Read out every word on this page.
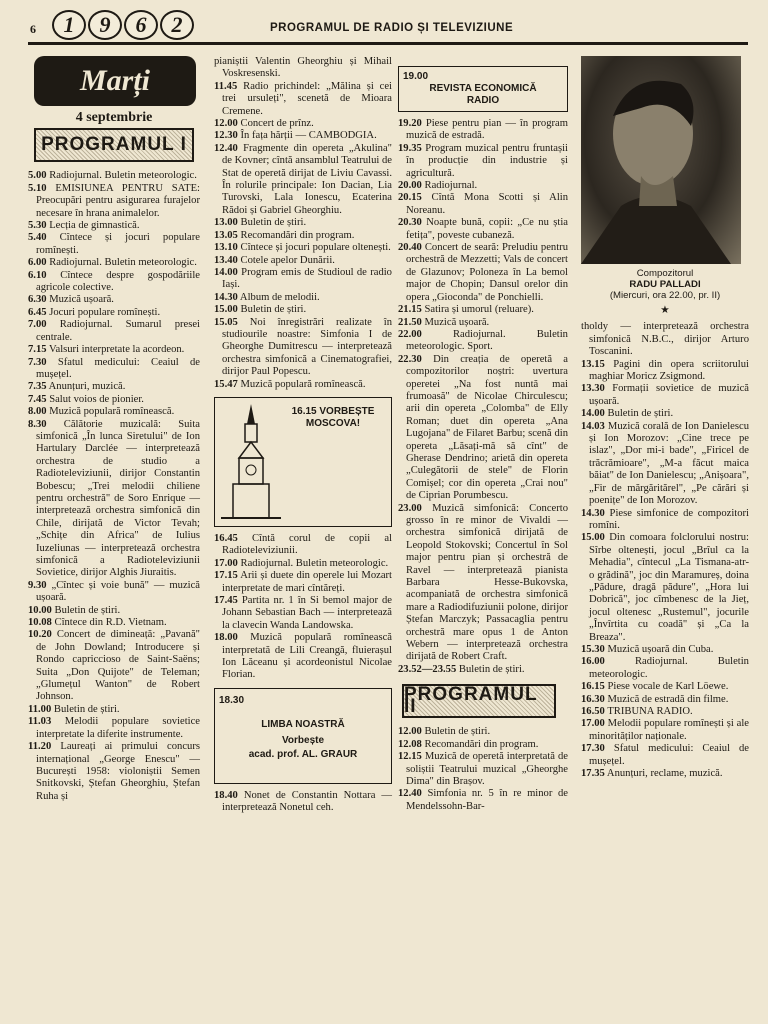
6	1	9	6	2	PROGRAMUL DE RADIO ȘI TELEVIZIUNE
Marți
4 septembrie
PROGRAMUL I

5.00 Radiojurnal. Buletin meteorologic.

5.10 EMISIUNEA PENTRU SATE: Preocupări pentru asigurarea furajelor necesare în hrana animalelor.

5.30 Lecția de gimnastică.

5.40 Cîntece și jocuri populare romînești.

6.00 Radiojurnal. Buletin meteorologic.

6.10 Cîntece despre gospodăriile agricole colective.

6.30 Muzică ușoară.

6.45 Jocuri populare romînești.

7.00 Radiojurnal. Sumarul presei centrale.

7.15 Valsuri interpretate la acordeon.

7.30 Sfatul medicului: Ceaiul de mușețel.

7.35 Anunțuri, muzică.

7.45 Salut voios de pionier.

8.00 Muzică populară romînească.

8.30 Călătorie muzicală: Suita simfonică „În lunca Siretului" de Ion Hartulary Darclée — interpretează orchestra de studio a Radioteleviziunii, dirijor Constantin Bobescu; „Trei melodii chiliene pentru orchestră" de Soro Enrique — interpretează orchestra simfonică din Chile, dirijată de Victor Tevah; „Schițe din Africa" de Iulius Iuzeliunas — interpretează orchestra simfonică a Radioteleviziunii Sovietice, dirijor Alghis Jiuraitis.

9.30 „Cîntec și voie bună" — muzică ușoară.

10.00 Buletin de știri.

10.08 Cîntece din R.D. Vietnam.

10.20 Concert de dimineață: „Pavană" de John Dowland; Introducere și Rondo capriccioso de Saint-Saëns; Suita „Don Quijote" de Teleman; „Glumețul Wanton" de Robert Johnson.

11.00 Buletin de știri.

11.03 Melodii populare sovietice interpretate la diferite instrumente.

11.20 Laureați ai primului concurs internațional „George Enescu" — București 1958: violoniștii Semen Snitkovski, Ștefan Gheorghiu, Ștefan Ruha și

pianiștii Valentin Gheorghiu și Mihail Voskresenski.

11.45 Radio prichindel: „Mălina și cei trei ursuleți", scenetă de Mioara Cremene.

12.00 Concert de prînz.

12.30 În fața hărții — CAMBODGIA.

12.40 Fragmente din opereta „Akulina" de Kovner; cîntă ansamblul Teatrului de Stat de operetă dirijat de Liviu Cavassi. În rolurile principale: Ion Dacian, Lia Turovski, Lala Ionescu, Ecaterina Rădoi și Gabriel Gheorghiu.

13.00 Buletin de știri.

13.05 Recomandări din program.

13.10 Cîntece și jocuri populare oltenești.

13.40 Cotele apelor Dunării.

14.00 Program emis de Studioul de radio Iași.

14.30 Album de melodii.

15.00 Buletin de știri.

15.05 Noi înregistrări realizate în studiourile noastre: Simfonia I de Gheorghe Dumitrescu — interpretează orchestra simfonică a Cinematografiei, dirijor Paul Popescu.

15.47 Muzică populară romînească.

16.15 VORBEȘTE MOSCOVA!

16.45 Cîntă corul de copii al Radioteleviziunii.

17.00 Radiojurnal. Buletin meteorologic.

17.15 Arii și duete din operele lui Mozart interpretate de mari cîntăreți.

17.45 Partita nr. 1 în Si bemol major de Johann Sebastian Bach — interpretează la clavecin Wanda Landowska.

18.00 Muzică populară romînească interpretată de Lili Creangă, fluierașul Ion Lăceanu și acordeonistul Nicolae Florian.

18.30
LIMBA NOASTRĂ
Vorbește
acad. prof. AL. GRAUR

18.40 Nonet de Constantin Nottara — interpretează Nonetul ceh.

19.00
REVISTA ECONOMICĂ
RADIO

19.20 Piese pentru pian — în program muzică de estradă.

19.35 Program muzical pentru fruntașii în producție din industrie și agricultură.

20.00 Radiojurnal.

20.15 Cîntă Mona Scotti și Alin Noreanu.

20.30 Noapte bună, copii: „Ce nu știa fetița", poveste cubaneză.

20.40 Concert de seară: Preludiu pentru orchestră de Mezzetti; Vals de concert de Glazunov; Poloneza în La bemol major de Chopin; Dansul orelor din opera „Gioconda" de Ponchielli.

21.15 Satira și umorul (reluare).

21.50 Muzică ușoară.

22.00	Radiojurnal. Buletin meteorologic. Sport.

22.30 Din creația de operetă a compozitorilor noștri: uvertura operetei „Na fost nuntă mai frumoasă" de Nicolae Chirculescu; arii din opereta „Colomba" de Elly Roman; duet din opereta „Ana Lugojana" de Filaret Barbu; scenă din opereta „Lăsați-mă să cînt" de Gherase Dendrino; arietă din opereta „Culegătorii de stele" de Florin Comișel; cor din opereta „Crai nou" de Ciprian Porumbescu.

23.00 Muzică simfonică: Concerto grosso în re minor de Vivaldi — orchestra simfonică dirijată de Leopold Stokovski; Concertul în Sol major pentru pian și orchestră de Ravel — interpretează pianista Barbara Hesse-Bukovska, acompaniată de orchestra simfonică mare a Radiodifuziunii polone, dirijor Ștefan Marczyk; Passacaglia pentru orchestră mare opus 1 de Anton Webern — interpretează orchestra dirijată de Robert Craft.

23.52—23.55 Buletin de știri.

PROGRAMUL II

12.00 Buletin de știri.

12.08 Recomandări din program.

12.15 Muzică de operetă interpretată de soliștii Teatrului muzical „Gheorghe Dima" din Brașov.

12.40 Simfonia nr. 5 în re minor de Mendelssohn-Bar-

Compozitorul
RADU PALLADI
(Miercuri, ora 22.00, pr. II)
★

tholdy — interpretează orchestra simfonică N.B.C., dirijor Arturo Toscanini.

13.15 Pagini din opera scriitorului maghiar Moricz Zsigmond.

13.30 Formații sovietice de muzică ușoară.

14.00 Buletin de știri.

14.03 Muzică corală de Ion Danielescu și Ion Morozov: „Cine trece pe islaz", „Dor mi-i bade", „Firicel de trăcrămioare", „M-a făcut maica băiat" de Ion Danielescu; „Anișoara", „Fir de mărgăritărel", „Pe cărări și poenițe" de Ion Morozov.

14.30 Piese simfonice de compozitori romîni.

15.00 Din comoara folclorului nostru: Sîrbe oltenești, jocul „Brîul ca la Mehadia", cîntecul „La Tismana-atr-o grădină", joc din Maramureș, doina „Pădure, dragă pădure", „Hora lui Dobrică", joc cîmbenesc de la Jieț, jocul oltenesc „Rustemul", jocurile „Învîrtita cu coadă" și „Ca la Breaza".

15.30 Muzică ușoară din Cuba.

16.00	Radiojurnal. Buletin meteorologic.

16.15 Piese vocale de Karl Löewe.

16.30 Muzică de estradă din filme.

16.50 TRIBUNA RADIO.

17.00 Melodii populare romînești și ale minorităților naționale.

17.30 Sfatul medicului: Ceaiul de mușețel.

17.35 Anunțuri, reclame, muzică.
